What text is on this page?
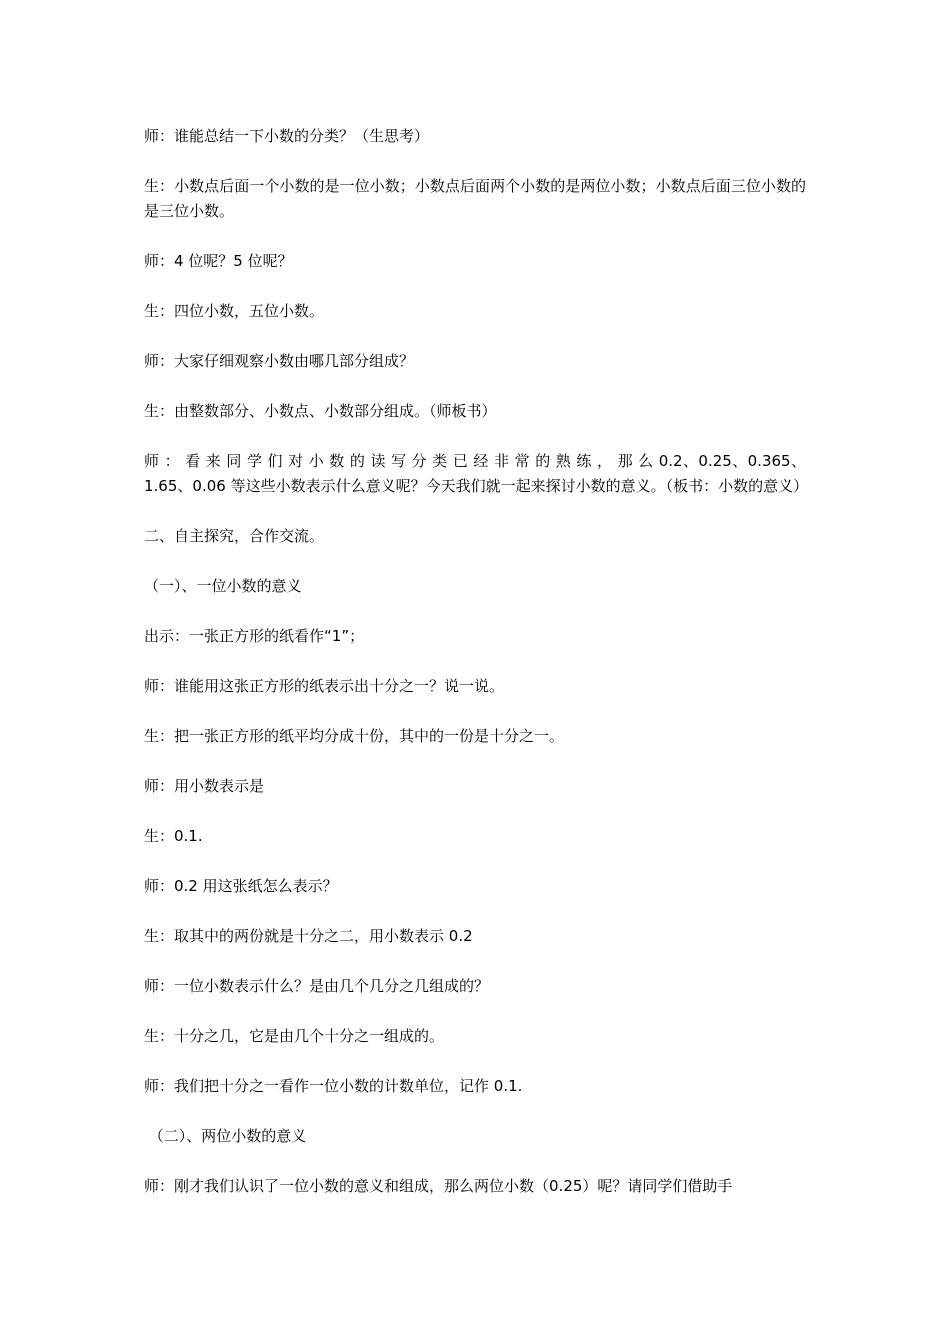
师：谁能总结一下小数的分类？（生思考）

生：小数点后面一个小数的是一位小数；小数点后面两个小数的是两位小数；小数点后面三位小数的是三位小数。

师：4 位呢？5 位呢？

生：四位小数，五位小数。

师：大家仔细观察小数由哪几部分组成？

生：由整数部分、小数点、小数部分组成。（师板书）

师 ： 看 来 同 学 们 对 小 数 的 读 写 分 类 已 经 非 常 的 熟 练 ， 那 么 0.2、0.25、0.365、1.65、0.06 等这些小数表示什么意义呢？今天我们就一起来探讨小数的意义。（板书：小数的意义）

二、自主探究，合作交流。

（一）、一位小数的意义

出示：一张正方形的纸看作“1”；

师：谁能用这张正方形的纸表示出十分之一？说一说。

生：把一张正方形的纸平均分成十份，其中的一份是十分之一。

师：用小数表示是

生：0.1.

师：0.2 用这张纸怎么表示？

生：取其中的两份就是十分之二，用小数表示 0.2

师：一位小数表示什么？是由几个几分之几组成的？

生：十分之几，它是由几个十分之一组成的。

师：我们把十分之一看作一位小数的计数单位，记作 0.1.

（二）、两位小数的意义

师：刚才我们认识了一位小数的意义和组成，那么两位小数（0.25）呢？请同学们借助手
